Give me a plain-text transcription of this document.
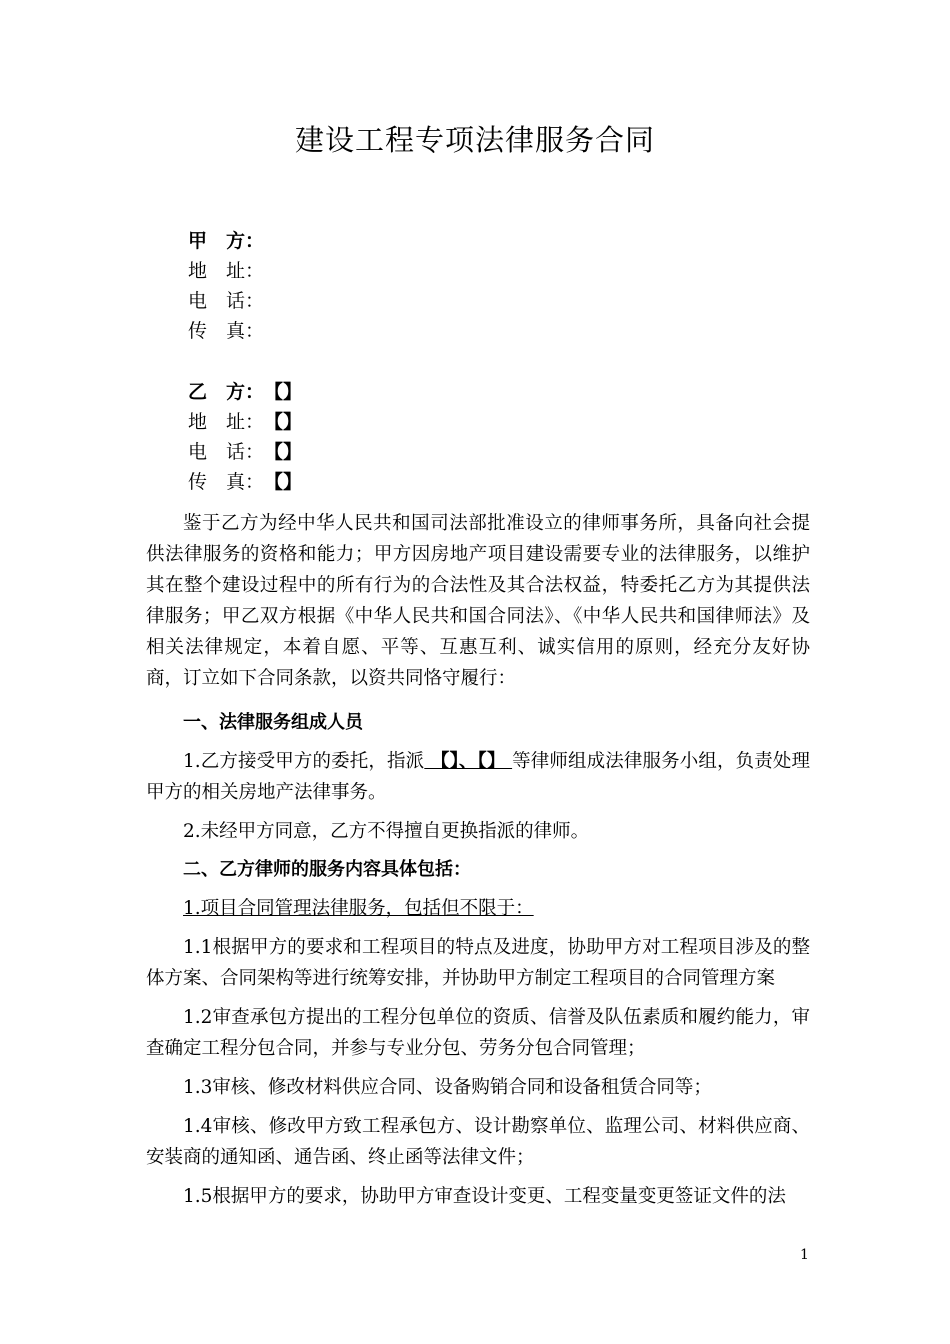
建设工程专项法律服务合同
甲　方：
地　址：
电　话：
传　真：
乙　方：【】
地　址：【】
电　话：【】
传　真：【】

鉴于乙方为经中华人民共和国司法部批准设立的律师事务所，具备向社会提供法律服务的资格和能力；甲方因房地产项目建设需要专业的法律服务，以维护其在整个建设过程中的所有行为的合法性及其合法权益，特委托乙方为其提供法律服务；甲乙双方根据《中华人民共和国合同法》、《中华人民共和国律师法》及相关法律规定，本着自愿、平等、互惠互利、诚实信用的原则，经充分友好协商，订立如下合同条款，以资共同恪守履行：

一、法律服务组成人员

1.乙方接受甲方的委托，指派 【】、【】 等律师组成法律服务小组，负责处理甲方的相关房地产法律事务。

2.未经甲方同意，乙方不得擅自更换指派的律师。

二、乙方律师的服务内容具体包括：

1.项目合同管理法律服务，包括但不限于：

1.1根据甲方的要求和工程项目的特点及进度，协助甲方对工程项目涉及的整体方案、合同架构等进行统筹安排，并协助甲方制定工程项目的合同管理方案

1.2审查承包方提出的工程分包单位的资质、信誉及队伍素质和履约能力，审查确定工程分包合同，并参与专业分包、劳务分包合同管理；

1.3审核、修改材料供应合同、设备购销合同和设备租赁合同等；

1.4审核、修改甲方致工程承包方、设计勘察单位、监理公司、材料供应商、安装商的通知函、通告函、终止函等法律文件；

1.5根据甲方的要求，协助甲方审查设计变更、工程变量变更签证文件的法

1
